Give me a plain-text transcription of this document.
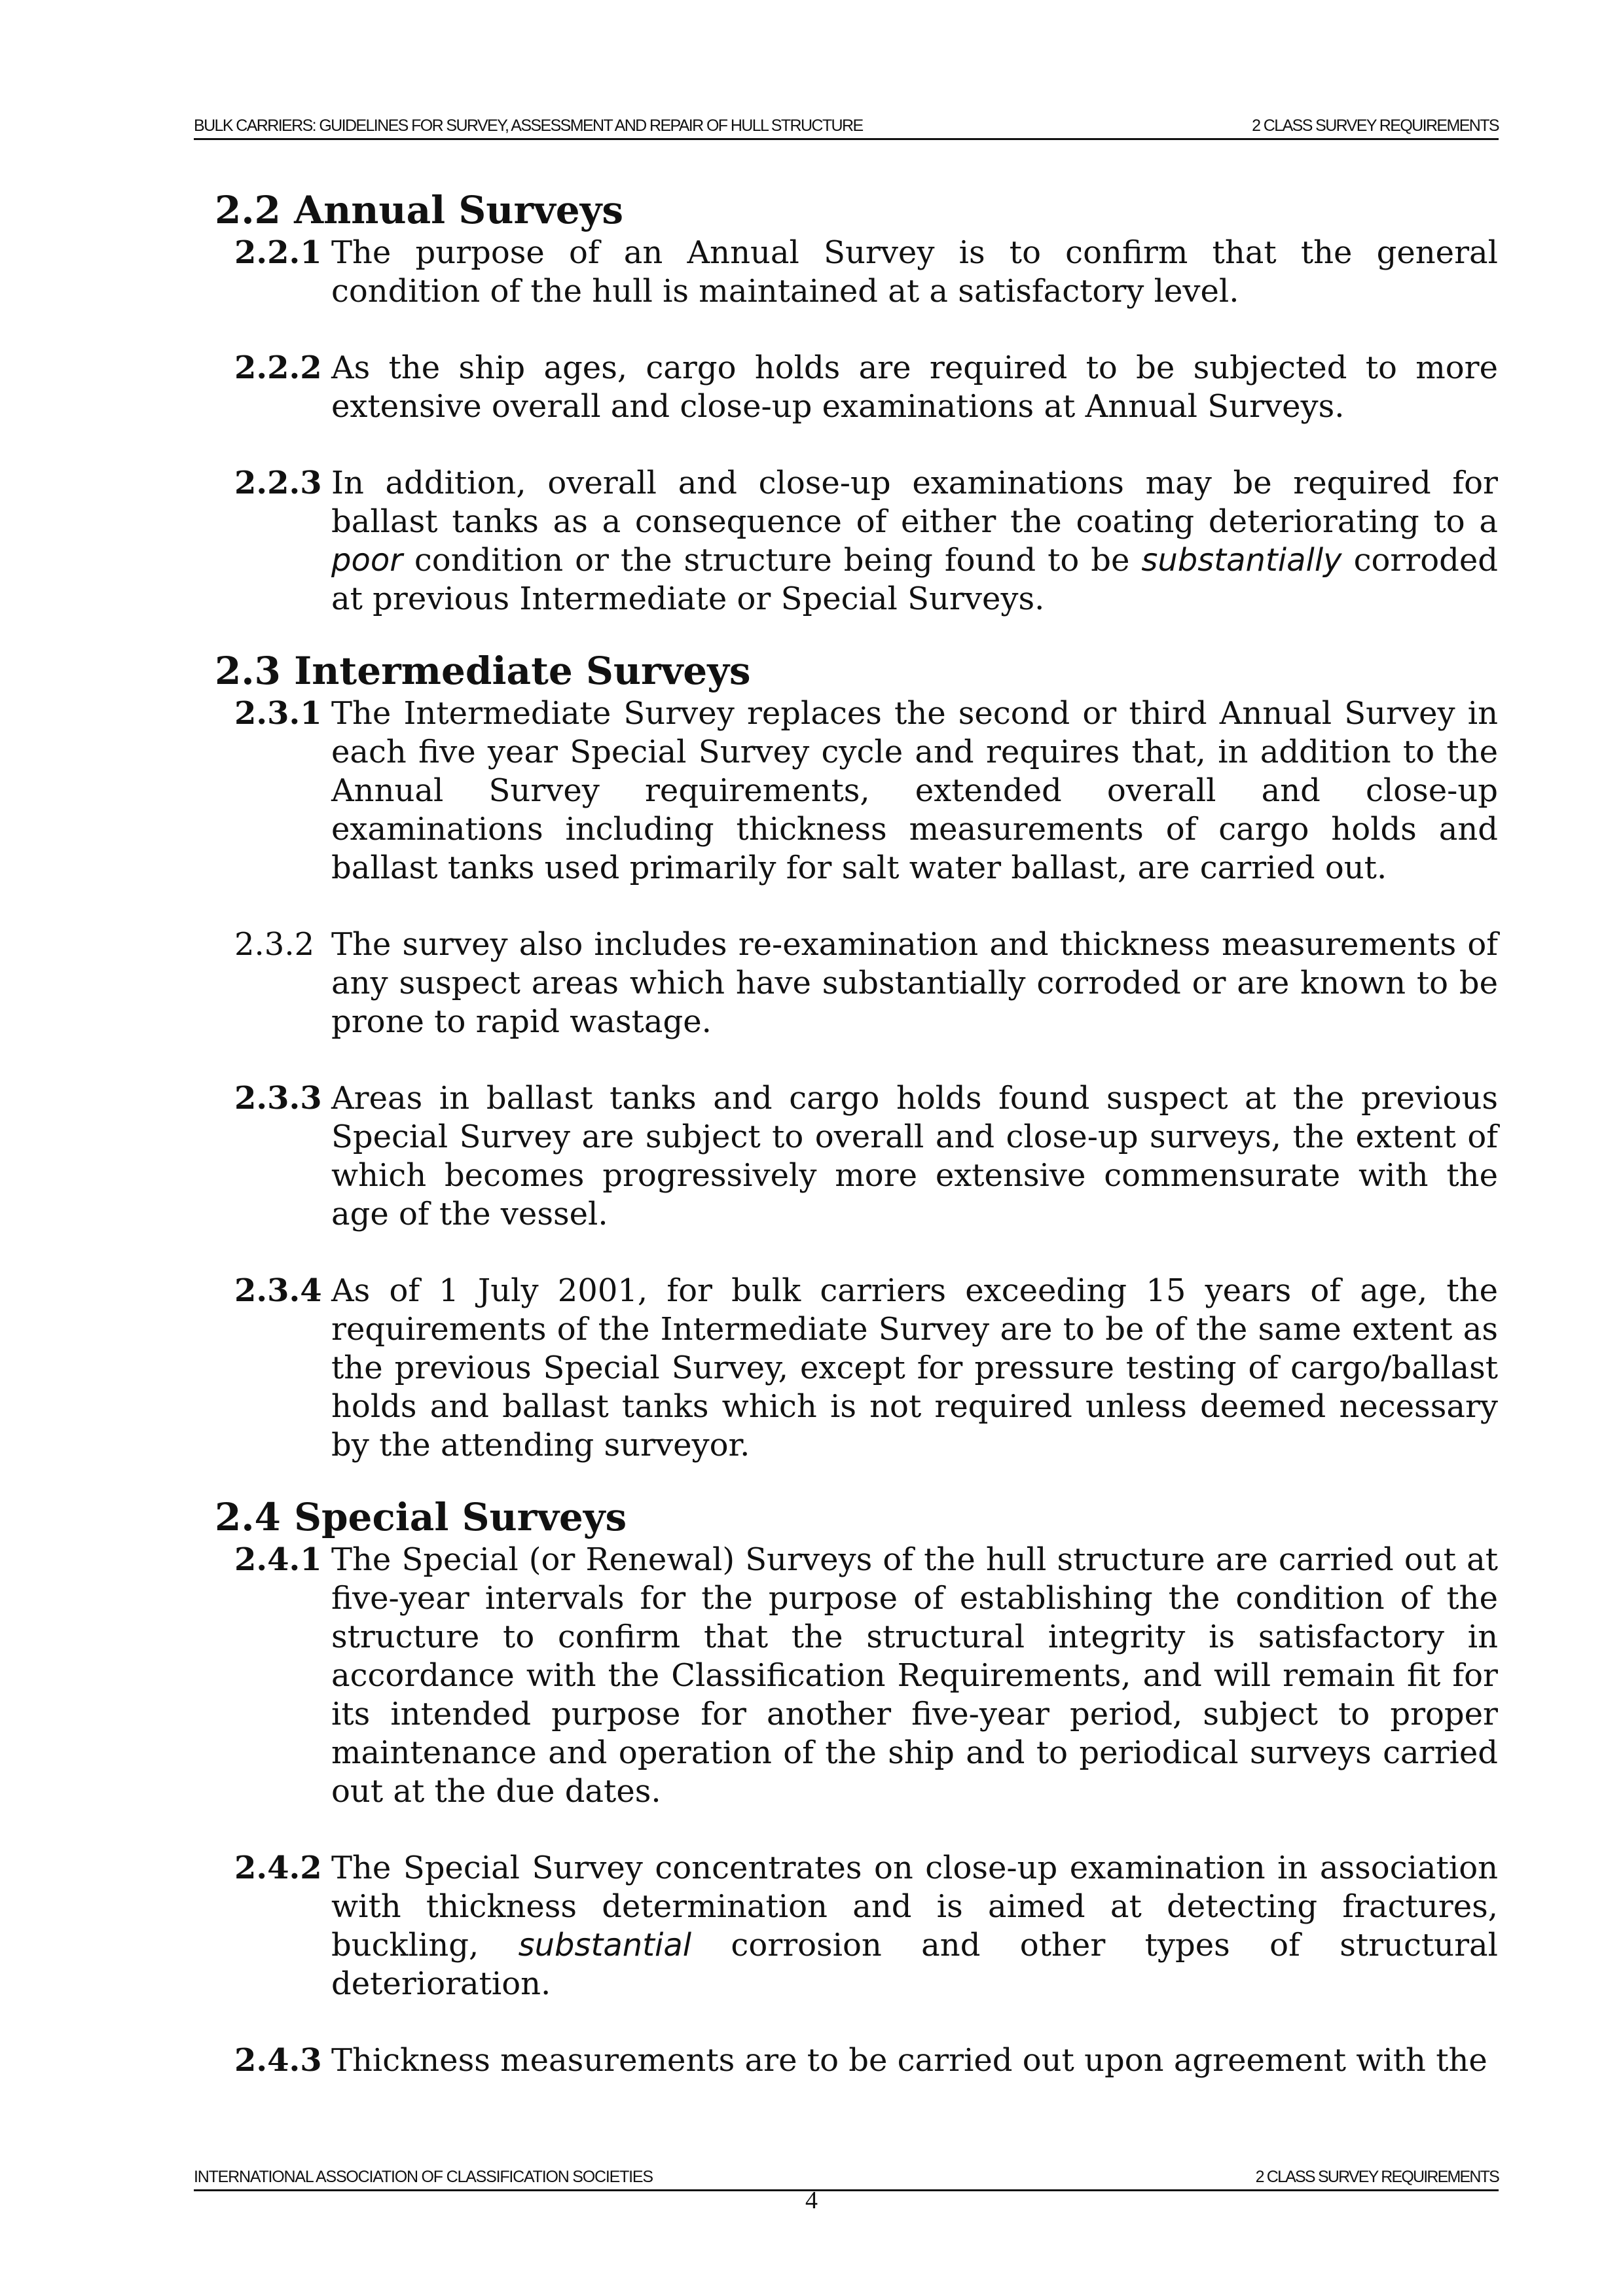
BULK CARRIERS: GUIDELINES FOR SURVEY, ASSESSMENT AND REPAIR OF HULL STRUCTURE	2 CLASS SURVEY REQUIREMENTS
2.2 Annual Surveys
2.2.1 The purpose of an Annual Survey is to confirm that the general condition of the hull is maintained at a satisfactory level.
2.2.2 As the ship ages, cargo holds are required to be subjected to more extensive overall and close-up examinations at Annual Surveys.
2.2.3 In addition, overall and close-up examinations may be required for ballast tanks as a consequence of either the coating deteriorating to a poor condition or the structure being found to be substantially corroded at previous Intermediate or Special Surveys.
2.3 Intermediate Surveys
2.3.1 The Intermediate Survey replaces the second or third Annual Survey in each five year Special Survey cycle and requires that, in addition to the Annual Survey requirements, extended overall and close-up examinations including thickness measurements of cargo holds and ballast tanks used primarily for salt water ballast, are carried out.
2.3.2 The survey also includes re-examination and thickness measurements of any suspect areas which have substantially corroded or are known to be prone to rapid wastage.
2.3.3 Areas in ballast tanks and cargo holds found suspect at the previous Special Survey are subject to overall and close-up surveys, the extent of which becomes progressively more extensive commensurate with the age of the vessel.
2.3.4 As of 1 July 2001, for bulk carriers exceeding 15 years of age, the requirements of the Intermediate Survey are to be of the same extent as the previous Special Survey, except for pressure testing of cargo/ballast holds and ballast tanks which is not required unless deemed necessary by the attending surveyor.
2.4 Special Surveys
2.4.1 The Special (or Renewal) Surveys of the hull structure are carried out at five-year intervals for the purpose of establishing the condition of the structure to confirm that the structural integrity is satisfactory in accordance with the Classification Requirements, and will remain fit for its intended purpose for another five-year period, subject to proper maintenance and operation of the ship and to periodical surveys carried out at the due dates.
2.4.2 The Special Survey concentrates on close-up examination in association with thickness determination and is aimed at detecting fractures, buckling, substantial corrosion and other types of structural deterioration.
2.4.3 Thickness measurements are to be carried out upon agreement with the
INTERNATIONAL ASSOCIATION OF CLASSIFICATION SOCIETIES	2 CLASS SURVEY REQUIREMENTS
4
